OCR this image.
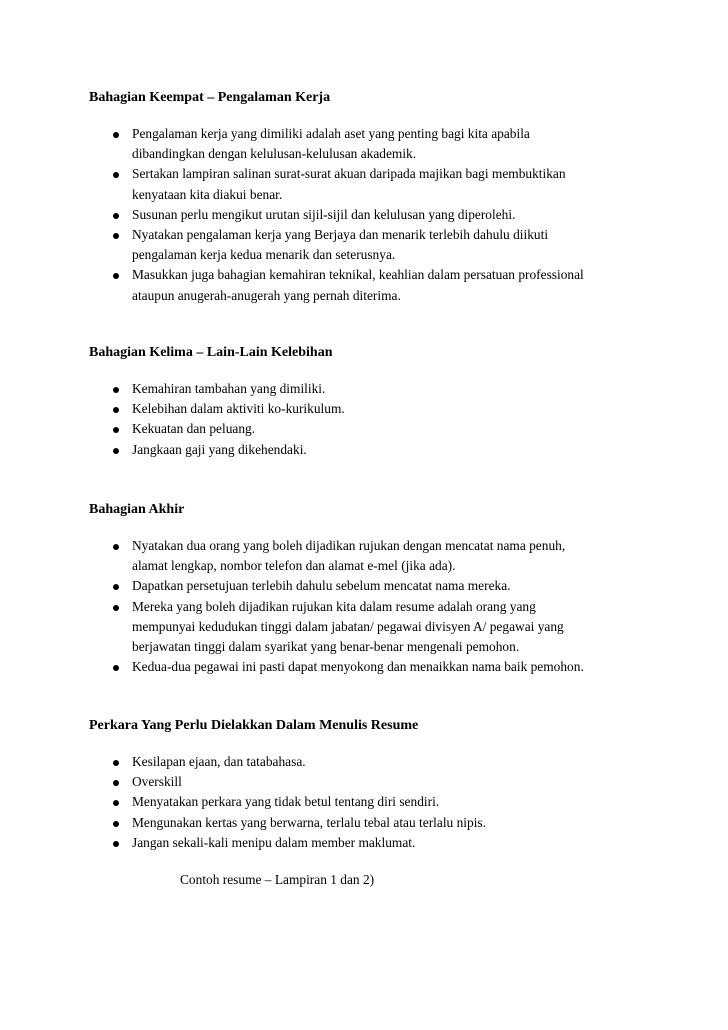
Bahagian Keempat – Pengalaman Kerja

Pengalaman kerja yang dimiliki adalah aset yang penting bagi kita apabila
dibandingkan dengan kelulusan-kelulusan akademik.
Sertakan lampiran salinan surat-surat akuan daripada majikan bagi membuktikan
kenyataan kita diakui benar.
Susunan perlu mengikut urutan sijil-sijil dan kelulusan yang diperolehi.
Nyatakan pengalaman kerja yang Berjaya dan menarik terlebih dahulu diikuti
pengalaman kerja kedua menarik dan seterusnya.
Masukkan juga bahagian kemahiran teknikal, keahlian dalam persatuan professional
ataupun anugerah-anugerah yang pernah diterima.

Bahagian Kelima – Lain-Lain Kelebihan

Kemahiran tambahan yang dimiliki.
Kelebihan dalam aktiviti ko-kurikulum.
Kekuatan dan peluang.
Jangkaan gaji yang dikehendaki.

Bahagian Akhir

Nyatakan dua orang yang boleh dijadikan rujukan dengan mencatat nama penuh,
alamat lengkap, nombor telefon dan alamat e-mel (jika ada).
Dapatkan persetujuan terlebih dahulu sebelum mencatat nama mereka.
Mereka yang boleh dijadikan rujukan kita dalam resume adalah orang yang
mempunyai kedudukan tinggi dalam jabatan/ pegawai divisyen A/ pegawai yang
berjawatan tinggi dalam syarikat yang benar-benar mengenali pemohon.
Kedua-dua pegawai ini pasti dapat menyokong dan menaikkan nama baik pemohon.

Perkara Yang Perlu Dielakkan Dalam Menulis Resume

Kesilapan ejaan, dan tatabahasa.
Overskill
Menyatakan perkara yang tidak betul tentang diri sendiri.
Mengunakan kertas yang berwarna, terlalu tebal atau terlalu nipis.
Jangan sekali-kali menipu dalam member maklumat.

Contoh resume – Lampiran 1 dan 2)
